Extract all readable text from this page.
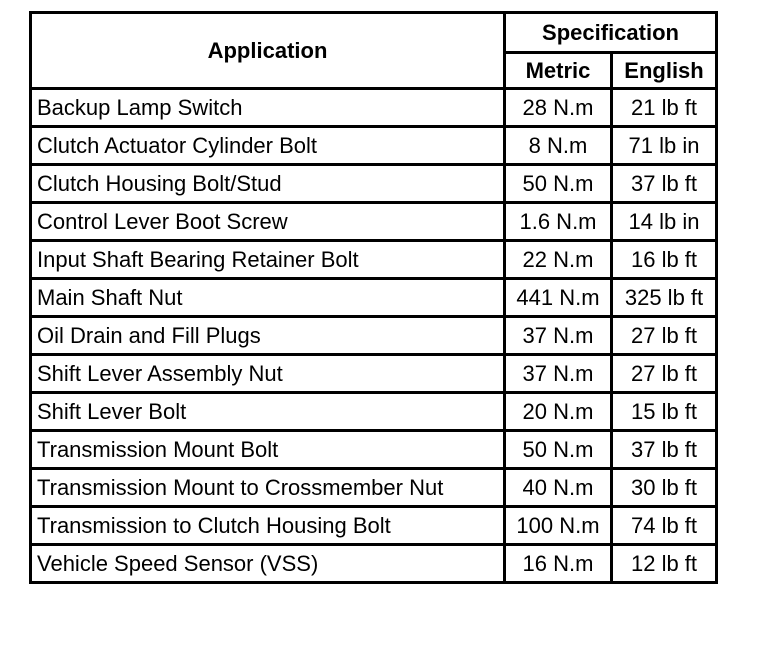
Application	Specification	
	Metric	English
Backup Lamp Switch	28 N.m	21 lb ft
Clutch Actuator Cylinder Bolt	8 N.m	71 lb in
Clutch Housing Bolt/Stud	50 N.m	37 lb ft
Control Lever Boot Screw	1.6 N.m	14 lb in
Input Shaft Bearing Retainer Bolt	22 N.m	16 lb ft
Main Shaft Nut	441 N.m	325 lb ft
Oil Drain and Fill Plugs	37 N.m	27 lb ft
Shift Lever Assembly Nut	37 N.m	27 lb ft
Shift Lever Bolt	20 N.m	15 lb ft
Transmission Mount Bolt	50 N.m	37 lb ft
Transmission Mount to Crossmember Nut	40 N.m	30 lb ft
Transmission to Clutch Housing Bolt	100 N.m	74 lb ft
Vehicle Speed Sensor (VSS)	16 N.m	12 lb ft
